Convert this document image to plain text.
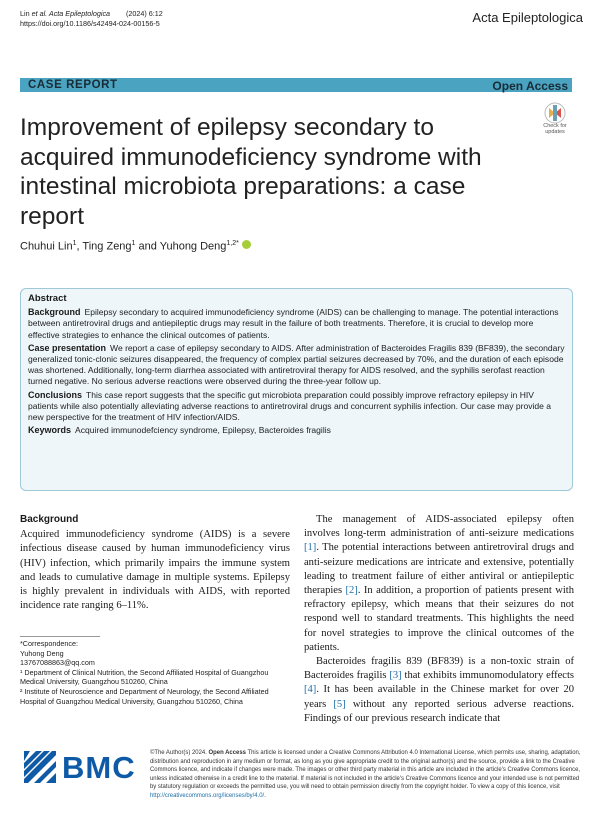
Lin et al. Acta Epileptologica (2024) 6:12
https://doi.org/10.1186/s42494-024-00156-5	Acta Epileptologica
CASE REPORT	Open Access
Check for
updates
Improvement of epilepsy secondary to acquired immunodeficiency syndrome with intestinal microbiota preparations: a case report
Chuhui Lin$^1$, Ting Zeng$^1$ and Yuhong Deng$^{1,2*}$
Abstract

Background Epilepsy secondary to acquired immunodeficiency syndrome (AIDS) can be challenging to manage. The potential interactions between antiretroviral drugs and antiepileptic drugs may result in the failure of both treatments. Therefore, it is crucial to develop more effective strategies to enhance the clinical outcomes of patients.

Case presentation We report a case of epilepsy secondary to AIDS. After administration of Bacteroides Fragilis 839 (BF839), the secondary generalized tonic-clonic seizures disappeared, the frequency of complex partial seizures decreased by 70%, and the duration of each episode was shortened. Additionally, long-term diarrhea associated with antiretroviral therapy for AIDS resolved, and the syphilis serofast reaction turned negative. No serious adverse reactions were observed during the three-year follow up.

Conclusions This case report suggests that the specific gut microbiota preparation could possibly improve refractory epilepsy in HIV patients while also potentially alleviating adverse reactions to antiretroviral drugs and concurrent syphilis infection. Our case may provide a new perspective for the treatment of HIV infection/AIDS.

Keywords Acquired immunodefciency syndrome, Epilepsy, Bacteroides fragilis

Background

Acquired immunodeficiency syndrome (AIDS) is a severe infectious disease caused by human immunodeficiency virus (HIV) infection, which primarily impairs the immune system and leads to cumulative damage in multiple systems. Epilepsy is highly prevalent in individuals with AIDS, with reported incidence rate ranging 6–11%.

The management of AIDS-associated epilepsy often involves long-term administration of anti-seizure medications [1]. The potential interactions between antiretroviral drugs and anti-seizure medications are intricate and extensive, potentially leading to treatment failure of either antiviral or antiepileptic therapies [2]. In addition, a proportion of patients present with refractory epilepsy, which means that their seizures do not respond well to standard treatments. This highlights the need for novel strategies to improve the clinical outcomes of the patients.

Bacteroides fragilis 839 (BF839) is a non-toxic strain of Bacteroides fragilis [3] that exhibits immunomodulatory effects [4]. It has been available in the Chinese market for over 20 years [5] without any reported serious adverse reactions. Findings of our previous research indicate that

*Correspondence:
Yuhong Deng
13767088863@qq.com
¹ Department of Clinical Nutrition, the Second Affiliated Hospital of Guangzhou Medical University, Guangzhou 510260, China
² Institute of Neuroscience and Department of Neurology, the Second Affiliated Hospital of Guangzhou Medical University, Guangzhou 510260, China
BMC ©The Author(s) 2024. Open Access This article is licensed under a Creative Commons Attribution 4.0 International License, which permits use, sharing, adaptation, distribution and reproduction in any medium or format, as long as you give appropriate credit to the original author(s) and the source, provide a link to the Creative Commons licence, and indicate if changes were made. The images or other third party material in this article are included in the article's Creative Commons licence, unless indicated otherwise in a credit line to the material. If material is not included in the article's Creative Commons licence and your intended use is not permitted by statutory regulation or exceeds the permitted use, you will need to obtain permission directly from the copyright holder. To view a copy of this licence, visit http://creativecommons.org/licenses/by/4.0/.
